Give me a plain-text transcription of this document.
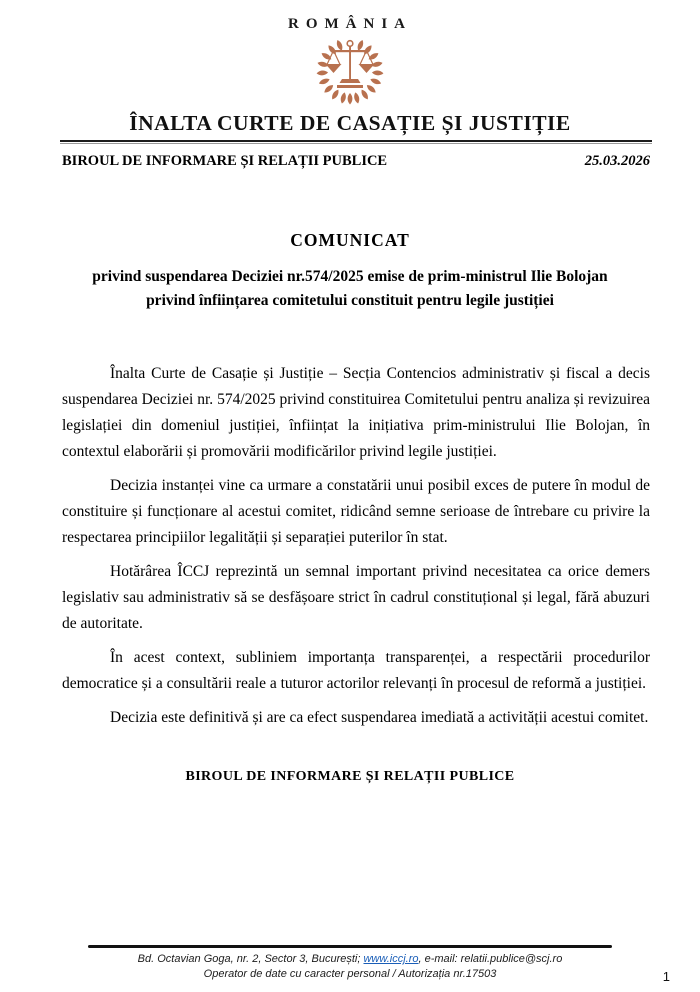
ROMÂNIA
ÎNALTA CURTE DE CASAȚIE ȘI JUSTIȚIE
BIROUL DE INFORMARE ȘI RELAȚII PUBLICE	25.03.2026
COMUNICAT
privind suspendarea Deciziei nr.574/2025 emise de prim-ministrul Ilie Bolojan
privind înființarea comitetului constituit pentru legile justiției

Înalta Curte de Casație și Justiție – Secția Contencios administrativ și fiscal a decis suspendarea Deciziei nr. 574/2025 privind constituirea Comitetului pentru analiza și revizuirea legislației din domeniul justiției, înființat la inițiativa prim-ministrului Ilie Bolojan, în contextul elaborării și promovării modificărilor privind legile justiției.

Decizia instanței vine ca urmare a constatării unui posibil exces de putere în modul de constituire și funcționare al acestui comitet, ridicând semne serioase de întrebare cu privire la respectarea principiilor legalității și separației puterilor în stat.

Hotărârea ÎCCJ reprezintă un semnal important privind necesitatea ca orice demers legislativ sau administrativ să se desfășoare strict în cadrul constituțional și legal, fără abuzuri de autoritate.

În acest context, subliniem importanța transparenței, a respectării procedurilor democratice și a consultării reale a tuturor actorilor relevanți în procesul de reformă a justiției.

Decizia este definitivă și are ca efect suspendarea imediată a activității acestui comitet.

BIROUL DE INFORMARE ȘI RELAȚII PUBLICE
Bd. Octavian Goga, nr. 2, Sector 3, București; www.iccj.ro, e-mail: relatii.publice@scj.ro
Operator de date cu caracter personal / Autorizația nr.17503	1
